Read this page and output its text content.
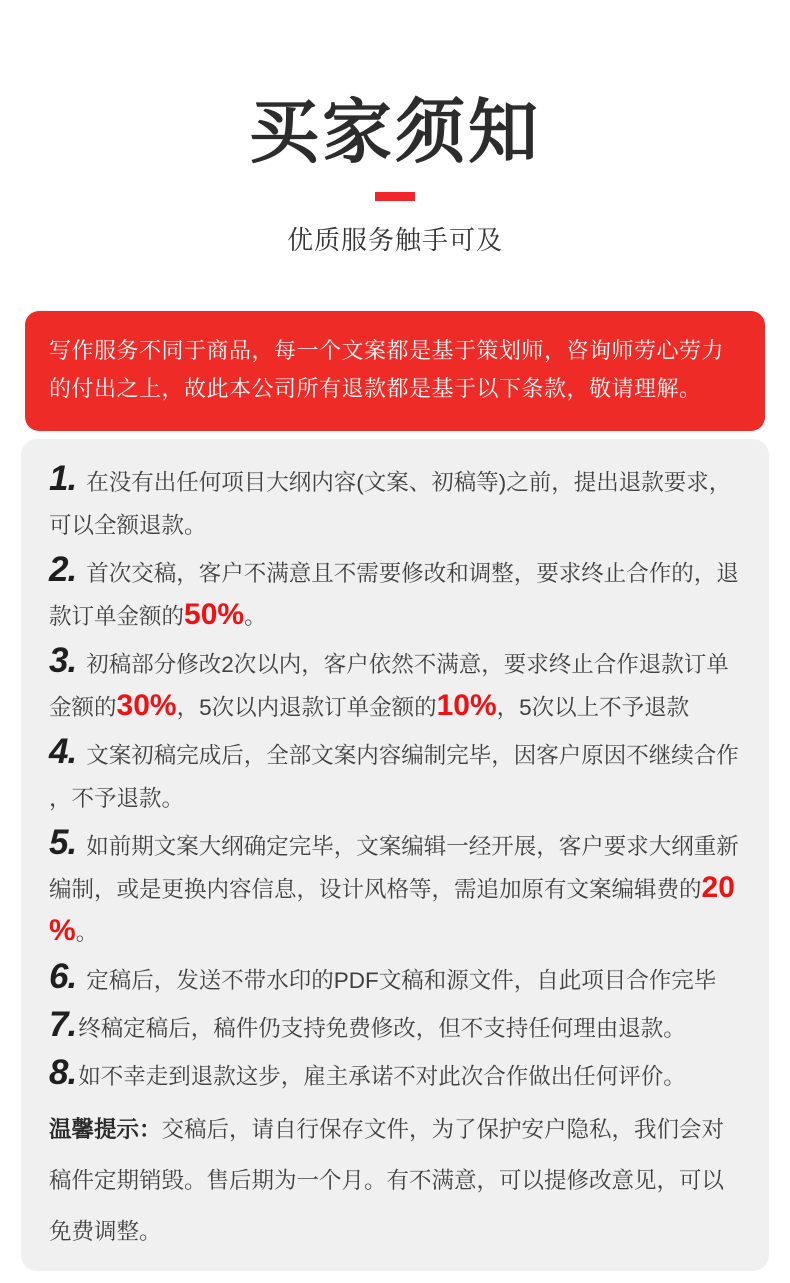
买家须知

优质服务触手可及

写作服务不同于商品，每一个文案都是基于策划师，咨询师劳心劳力的付出之上，故此本公司所有退款都是基于以下条款，敬请理解。

1. 在没有出任何项目大纲内容(文案、初稿等)之前，提出退款要求，可以全额退款。

2. 首次交稿，客户不满意且不需要修改和调整，要求终止合作的，退款订单金额的50%。

3. 初稿部分修改2次以内，客户依然不满意，要求终止合作退款订单金额的30%，5次以内退款订单金额的10%，5次以上不予退款

4. 文案初稿完成后，全部文案内容编制完毕，因客户原因不继续合作，不予退款。

5. 如前期文案大纲确定完毕，文案编辑一经开展，客户要求大纲重新编制，或是更换内容信息，设计风格等，需追加原有文案编辑费的20%。

6. 定稿后，发送不带水印的PDF文稿和源文件，自此项目合作完毕

7.终稿定稿后，稿件仍支持免费修改，但不支持任何理由退款。

8.如不幸走到退款这步，雇主承诺不对此次合作做出任何评价。

温馨提示：交稿后，请自行保存文件，为了保护安户隐私，我们会对稿件定期销毁。售后期为一个月。有不满意，可以提修改意见，可以免费调整。
